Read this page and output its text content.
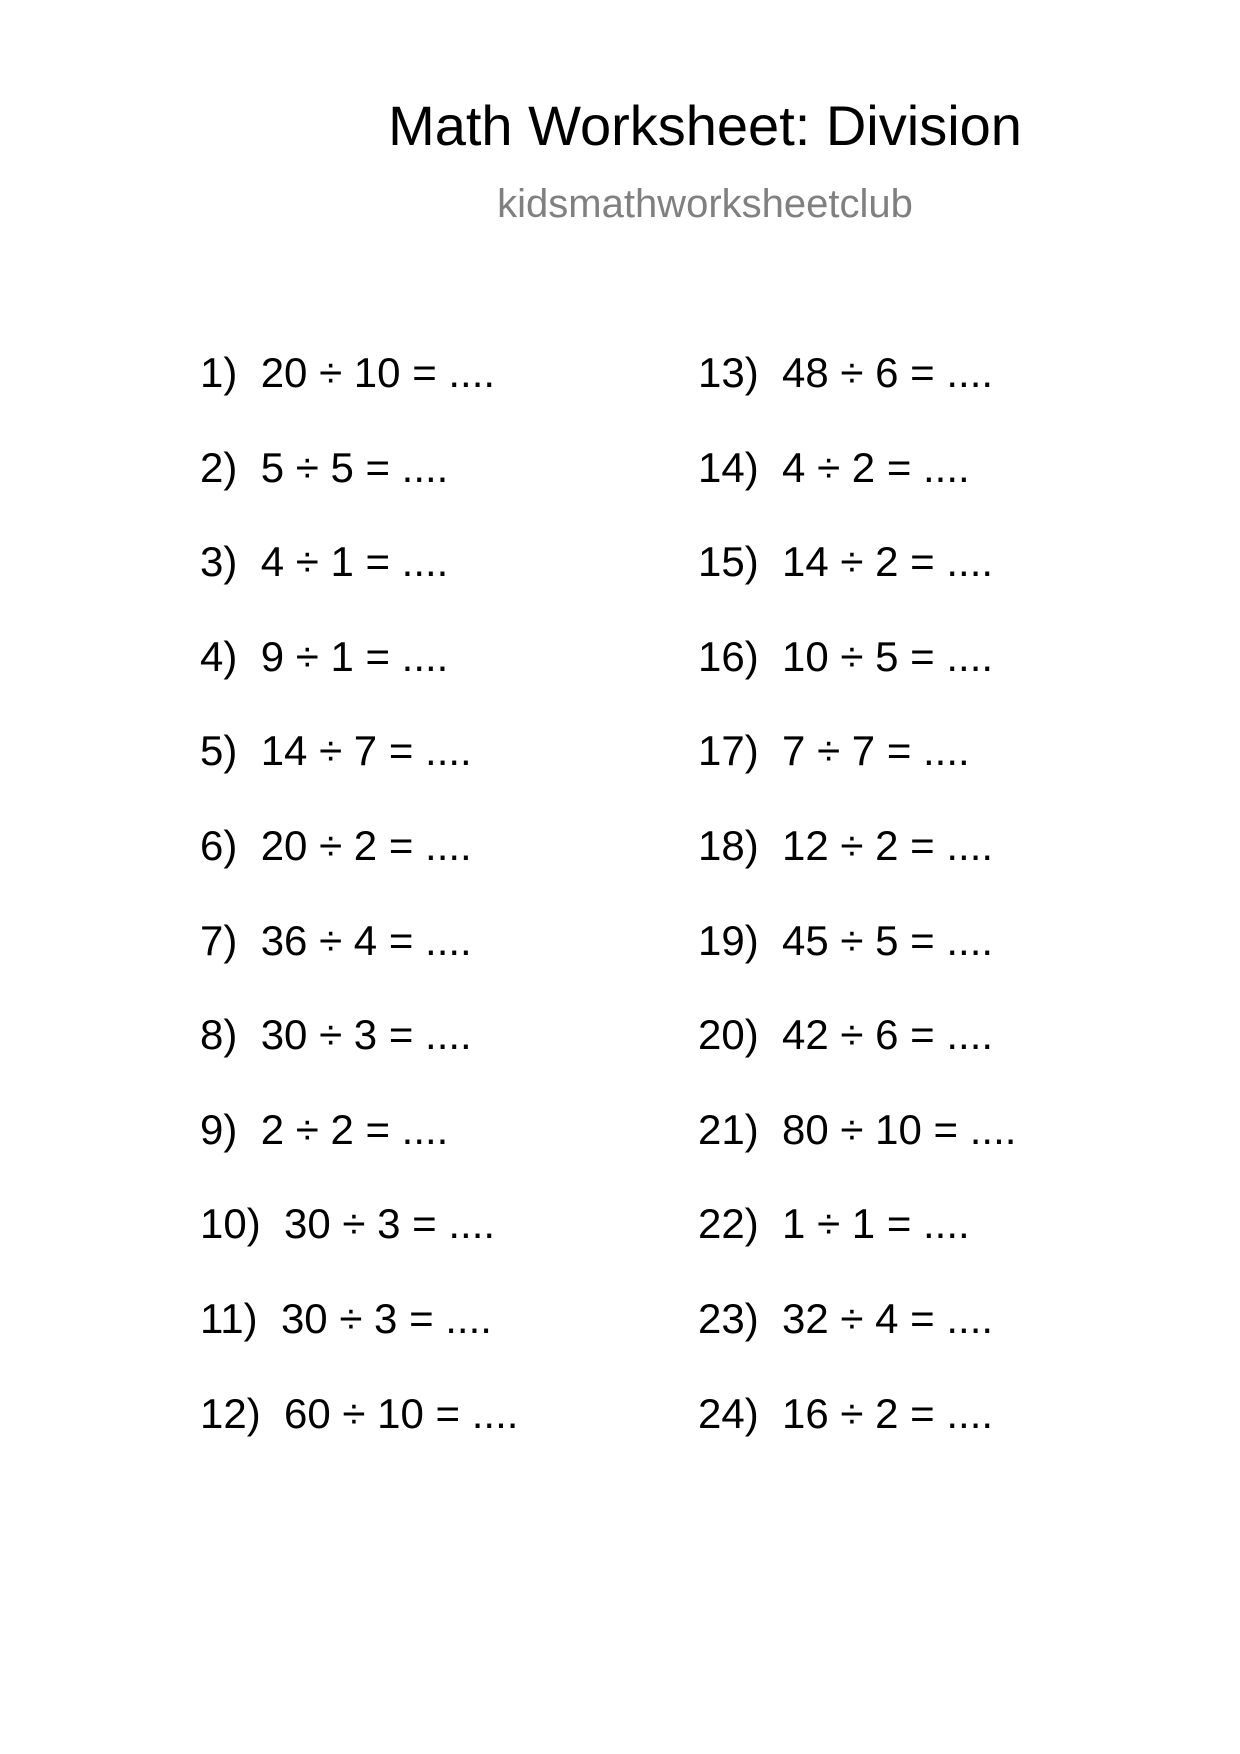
Math Worksheet: Division
kidsmathworksheetclub
1) 20 ÷ 10 = ....
2) 5 ÷ 5 = ....
3) 4 ÷ 1 = ....
4) 9 ÷ 1 = ....
5) 14 ÷ 7 = ....
6) 20 ÷ 2 = ....
7) 36 ÷ 4 = ....
8) 30 ÷ 3 = ....
9) 2 ÷ 2 = ....
10) 30 ÷ 3 = ....
11) 30 ÷ 3 = ....
12) 60 ÷ 10 = ....
13) 48 ÷ 6 = ....
14) 4 ÷ 2 = ....
15) 14 ÷ 2 = ....
16) 10 ÷ 5 = ....
17) 7 ÷ 7 = ....
18) 12 ÷ 2 = ....
19) 45 ÷ 5 = ....
20) 42 ÷ 6 = ....
21) 80 ÷ 10 = ....
22) 1 ÷ 1 = ....
23) 32 ÷ 4 = ....
24) 16 ÷ 2 = ....
